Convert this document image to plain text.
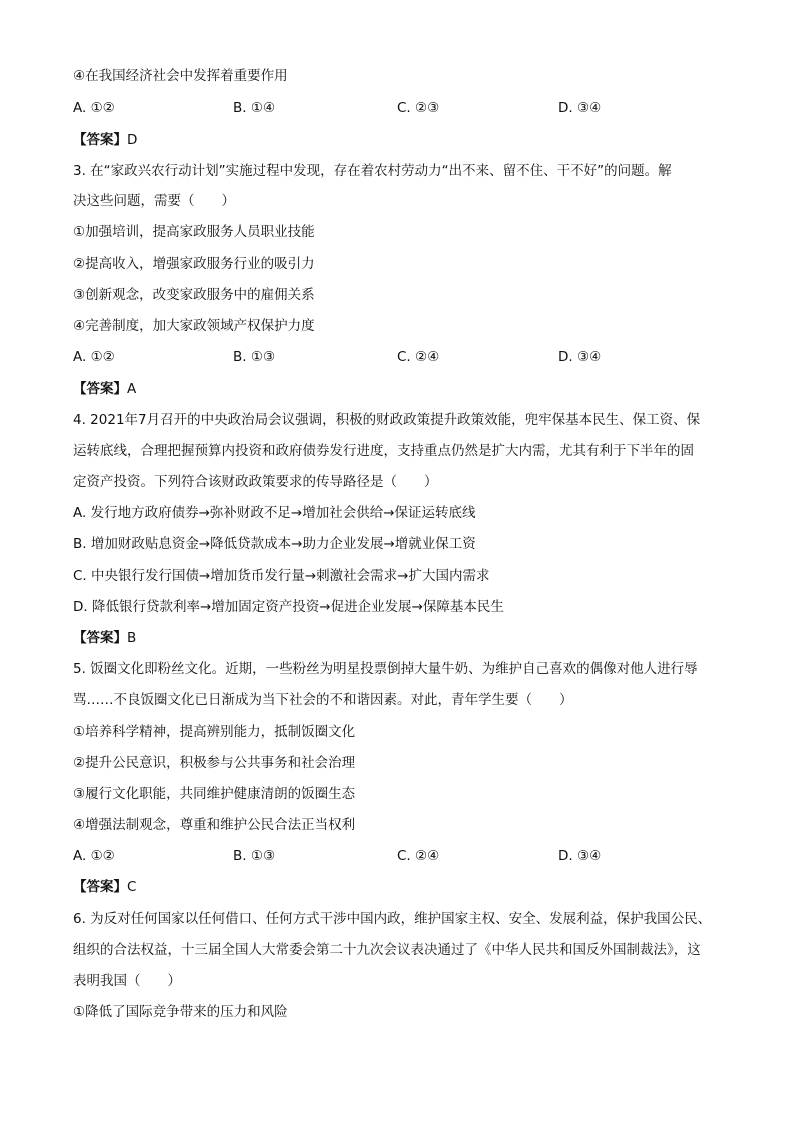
④在我国经济社会中发挥着重要作用
A. ①②	B. ①④	C. ②③	D. ③④
【答案】D
3. 在“家政兴农行动计划”实施过程中发现，存在着农村劳动力“出不来、留不住、干不好”的问题。解
决这些问题，需要（　　）
①加强培训，提高家政服务人员职业技能
②提高收入，增强家政服务行业的吸引力
③创新观念，改变家政服务中的雇佣关系
④完善制度，加大家政领域产权保护力度
A. ①②	B. ①③	C. ②④	D. ③④
【答案】A
4. 2021年7月召开的中央政治局会议强调，积极的财政政策提升政策效能，兜牢保基本民生、保工资、保
运转底线，合理把握预算内投资和政府债券发行进度，支持重点仍然是扩大内需，尤其有利于下半年的固
定资产投资。下列符合该财政政策要求的传导路径是（　　）
A. 发行地方政府债券→弥补财政不足→增加社会供给→保证运转底线
B. 增加财政贴息资金→降低贷款成本→助力企业发展→增就业保工资
C. 中央银行发行国债→增加货币发行量→刺激社会需求→扩大国内需求
D. 降低银行贷款利率→增加固定资产投资→促进企业发展→保障基本民生
【答案】B
5. 饭圈文化即粉丝文化。近期，一些粉丝为明星投票倒掉大量牛奶、为维护自己喜欢的偶像对他人进行辱
骂……不良饭圈文化已日渐成为当下社会的不和谐因素。对此，青年学生要（　　）
①培养科学精神，提高辨别能力，抵制饭圈文化
②提升公民意识，积极参与公共事务和社会治理
③履行文化职能，共同维护健康清朗的饭圈生态
④增强法制观念，尊重和维护公民合法正当权利
A. ①②	B. ①③	C. ②④	D. ③④
【答案】C
6. 为反对任何国家以任何借口、任何方式干涉中国内政，维护国家主权、安全、发展利益，保护我国公民、
组织的合法权益，十三届全国人大常委会第二十九次会议表决通过了《中华人民共和国反外国制裁法》，这
表明我国（　　）
①降低了国际竞争带来的压力和风险
